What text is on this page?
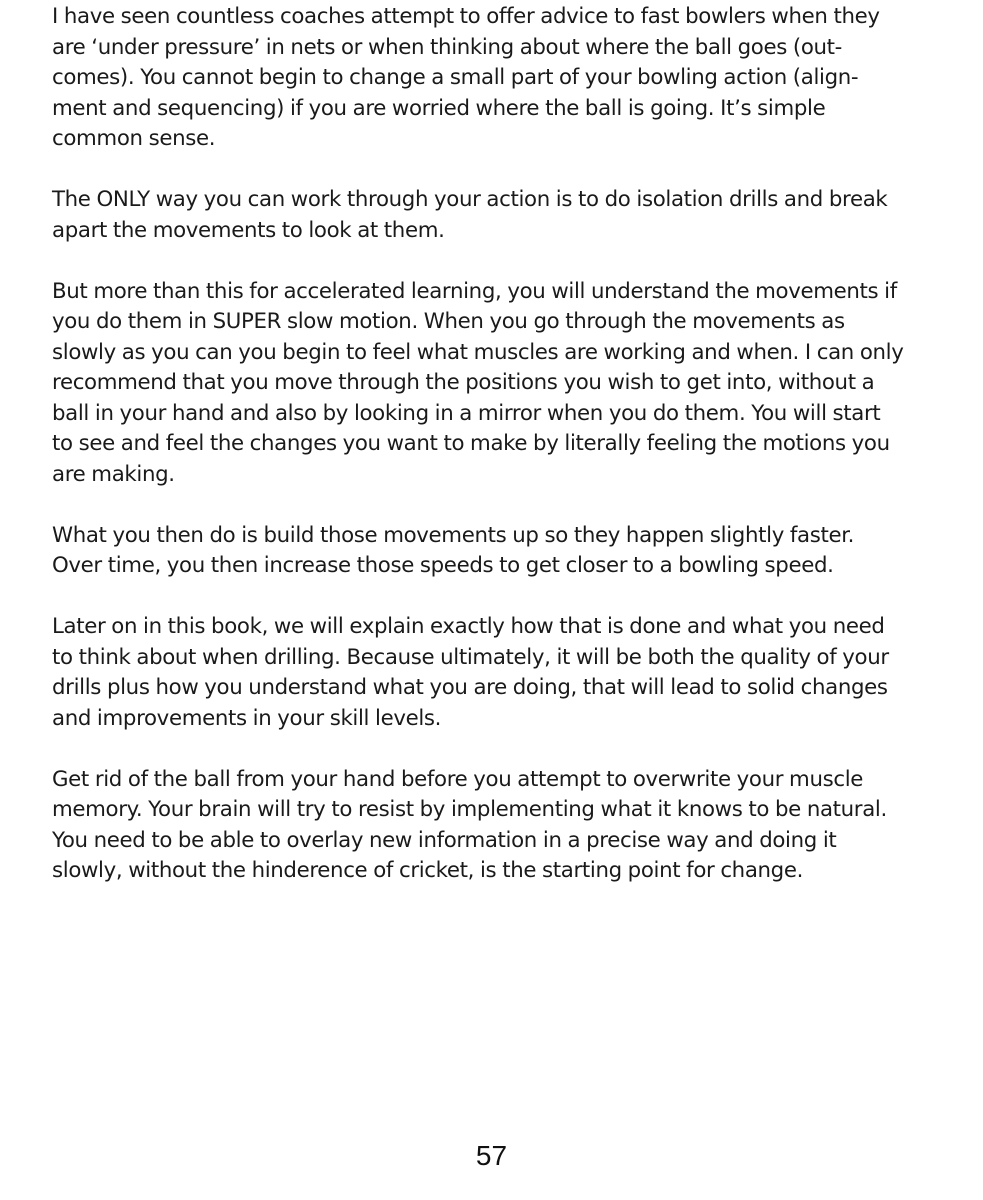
I have seen countless coaches attempt to offer advice to fast bowlers when they
are ‘under pressure’ in nets or when thinking about where the ball goes (out-
comes). You cannot begin to change a small part of your bowling action (align-
ment and sequencing) if you are worried where the ball is going. It’s simple
common sense.

The ONLY way you can work through your action is to do isolation drills and break
apart the movements to look at them.

But more than this for accelerated learning, you will understand the movements if
you do them in SUPER slow motion. When you go through the movements as
slowly as you can you begin to feel what muscles are working and when. I can only
recommend that you move through the positions you wish to get into, without a
ball in your hand and also by looking in a mirror when you do them. You will start
to see and feel the changes you want to make by literally feeling the motions you
are making.

What you then do is build those movements up so they happen slightly faster.
Over time, you then increase those speeds to get closer to a bowling speed.

Later on in this book, we will explain exactly how that is done and what you need
to think about when drilling. Because ultimately, it will be both the quality of your
drills plus how you understand what you are doing, that will lead to solid changes
and improvements in your skill levels.

Get rid of the ball from your hand before you attempt to overwrite your muscle
memory. Your brain will try to resist by implementing what it knows to be natural.
You need to be able to overlay new information in a precise way and doing it
slowly, without the hinderence of cricket, is the starting point for change.

57
